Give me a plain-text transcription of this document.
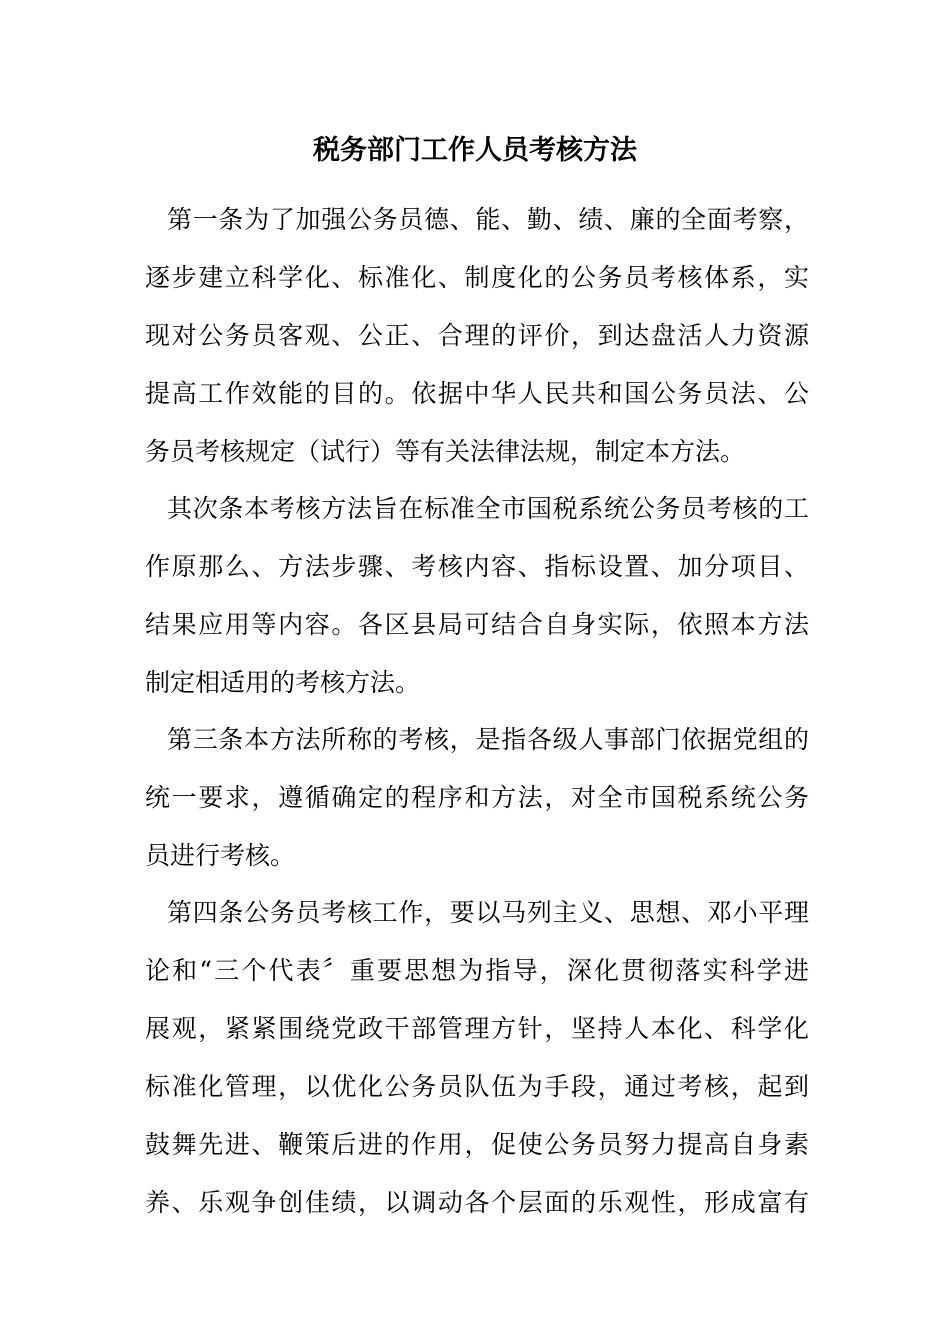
税务部门工作人员考核方法
第一条为了加强公务员德、能、勤、绩、廉的全面考察，
逐步建立科学化、标准化、制度化的公务员考核体系，实
现对公务员客观、公正、合理的评价，到达盘活人力资源
提高工作效能的目的。依据中华人民共和国公务员法、公
务员考核规定（试行）等有关法律法规，制定本方法。
其次条本考核方法旨在标准全市国税系统公务员考核的工
作原那么、方法步骤、考核内容、指标设置、加分项目、
结果应用等内容。各区县局可结合自身实际，依照本方法
制定相适用的考核方法。
第三条本方法所称的考核，是指各级人事部门依据党组的
统一要求，遵循确定的程序和方法，对全市国税系统公务
员进行考核。
第四条公务员考核工作，要以马列主义、思想、邓小平理
论和“三个代表〞重要思想为指导，深化贯彻落实科学进
展观，紧紧围绕党政干部管理方针，坚持人本化、科学化
标准化管理，以优化公务员队伍为手段，通过考核，起到
鼓舞先进、鞭策后进的作用，促使公务员努力提高自身素
养、乐观争创佳绩，以调动各个层面的乐观性，形成富有
